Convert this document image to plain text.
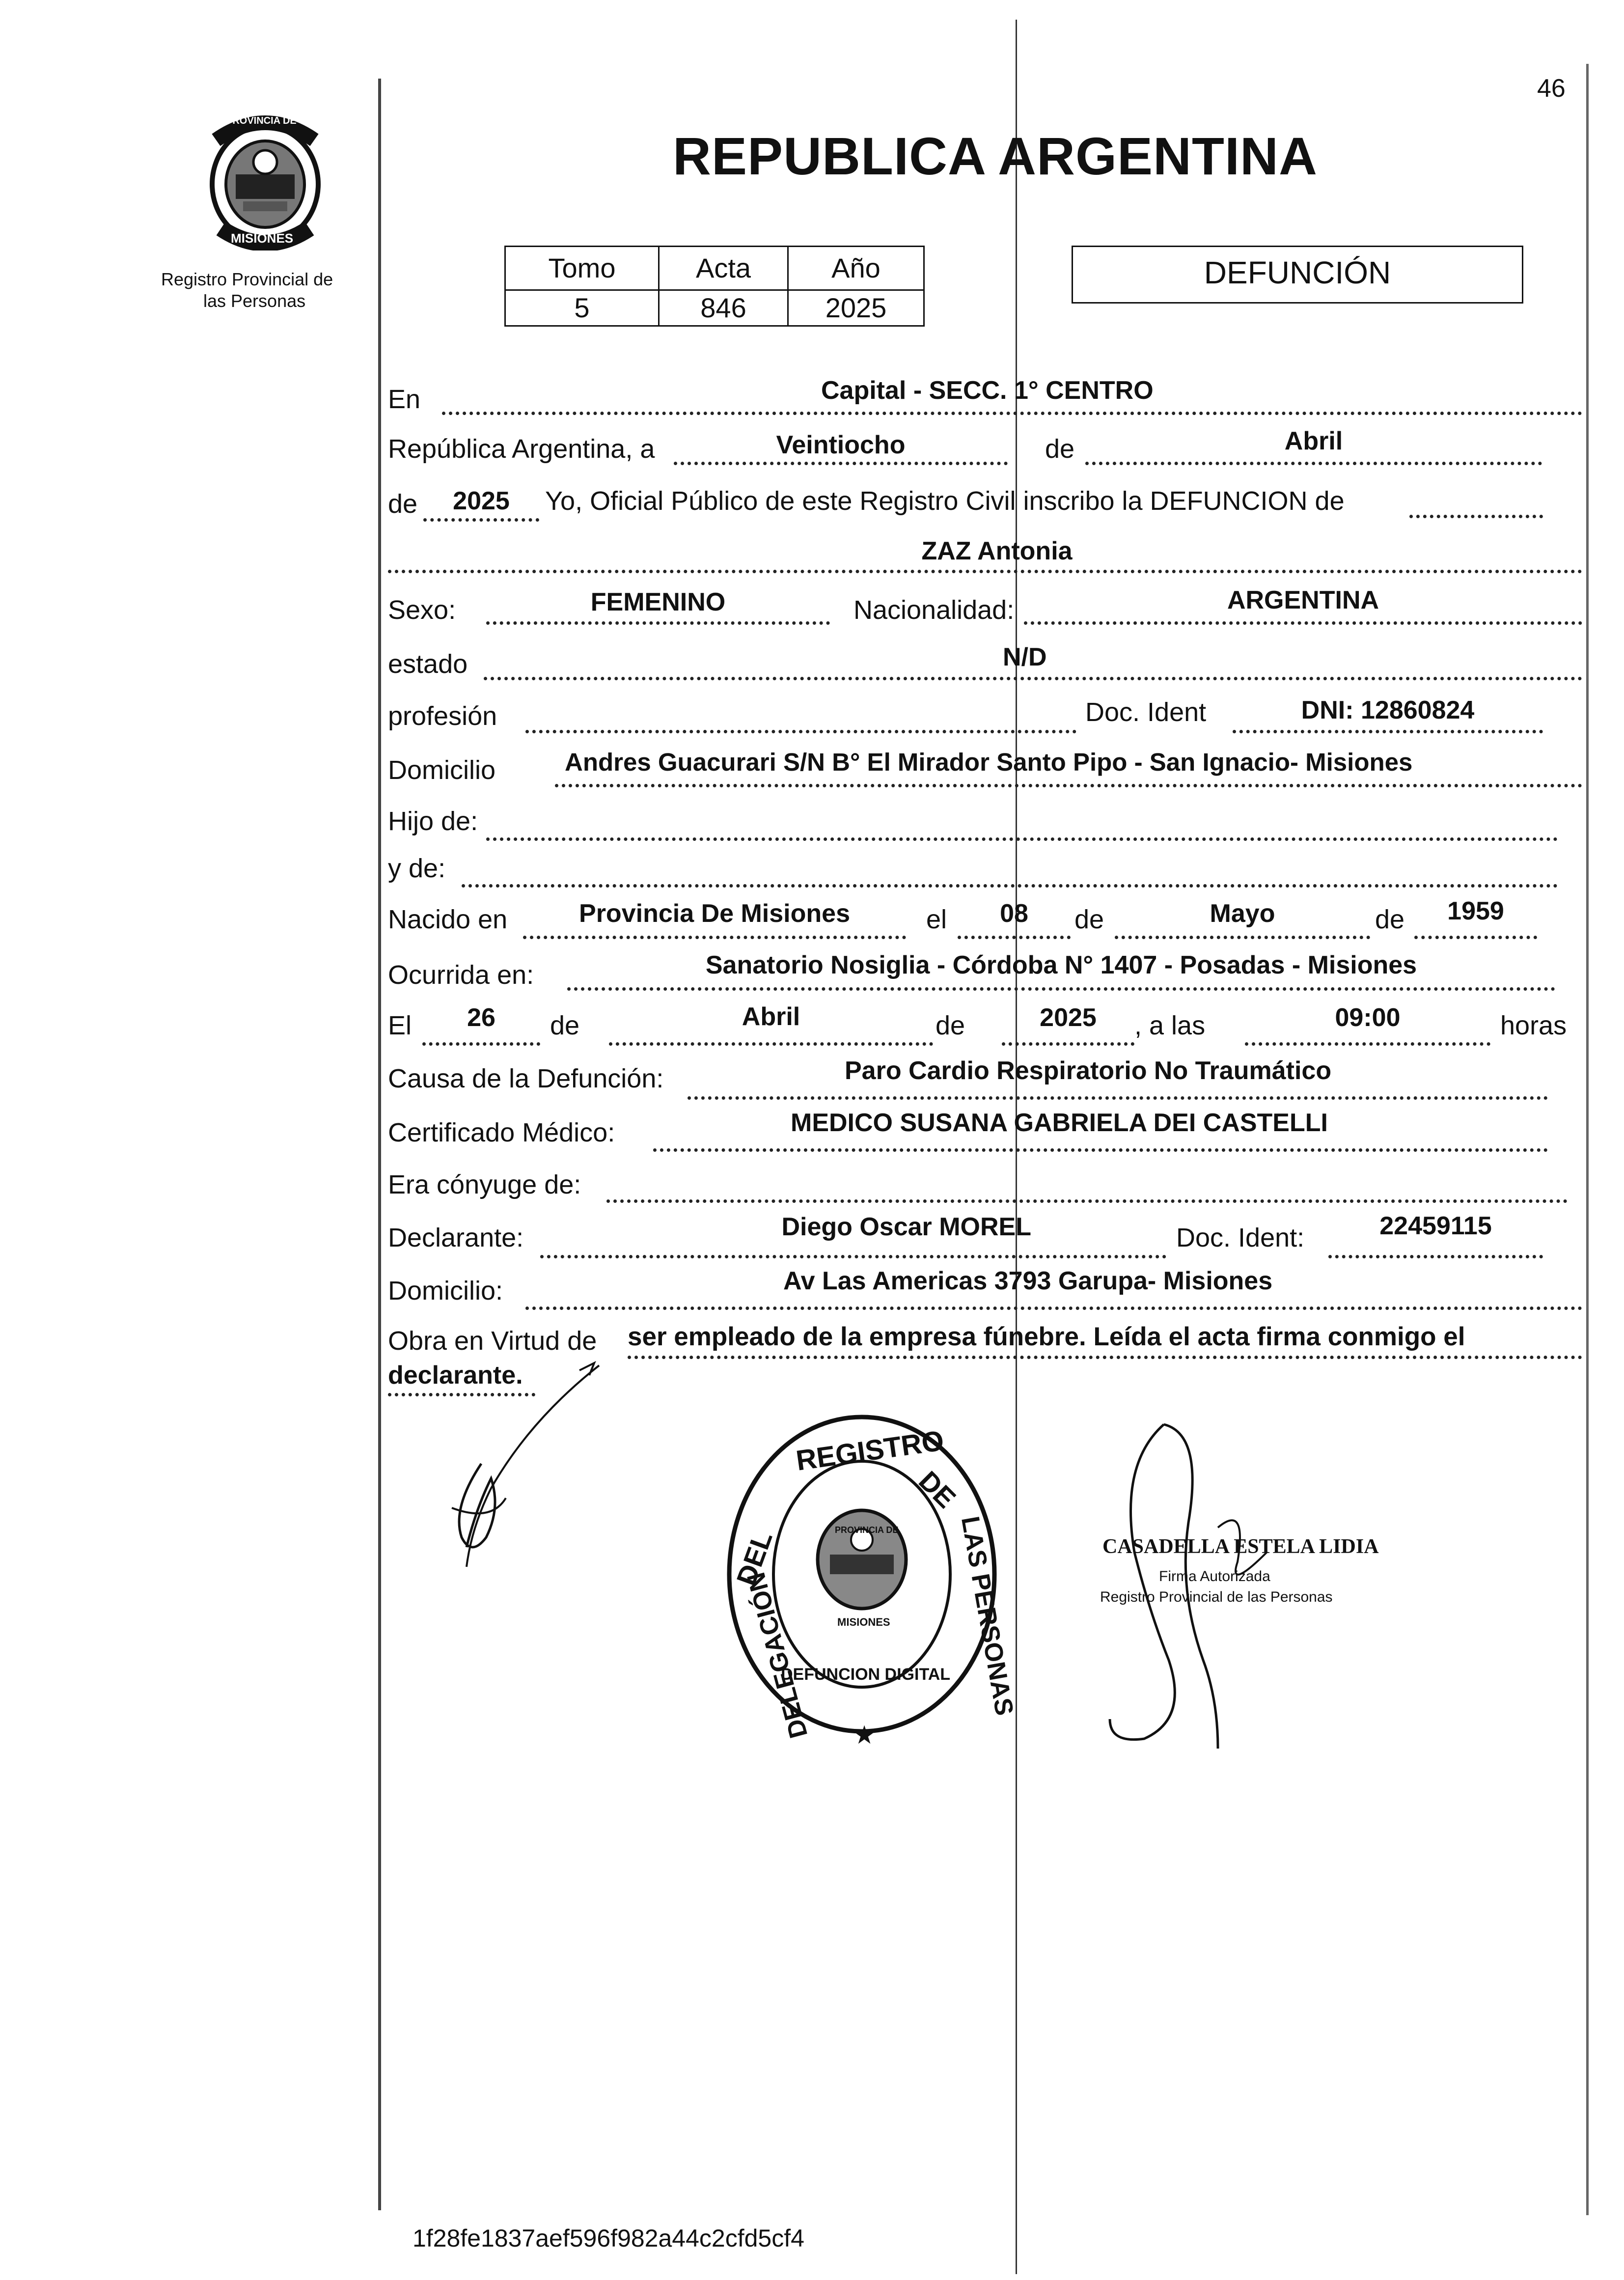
46
PROVINCIA DE
MISIONES
Registro Provincial de
las Personas
REPUBLICA ARGENTINA
Tomo	Acta	Año
5	846	2025
DEFUNCIÓN
En	Capital - SECC. 1° CENTRO
República Argentina, a	Veintiocho	de	Abril
de	2025	Yo, Oficial Público de este Registro Civil inscribo la DEFUNCION de
ZAZ Antonia
Sexo:	FEMENINO	Nacionalidad:	ARGENTINA
estado	N/D
profesión	Doc. Ident	DNI: 12860824
Domicilio	Andres Guacurari S/N B° El Mirador Santo Pipo - San Ignacio- Misiones
Hijo de:
y de:
Nacido en	Provincia De Misiones	el	08	de	Mayo	de	1959
Ocurrida en:	Sanatorio Nosiglia - Córdoba N° 1407 - Posadas - Misiones
El	26	de	Abril	de	2025	, a las	09:00	horas
Causa de la Defunción:	Paro Cardio Respiratorio No Traumático
Certificado Médico:	MEDICO SUSANA GABRIELA DEI CASTELLI
Era cónyuge de:
Declarante:	Diego Oscar MOREL	Doc. Ident:	22459115
Domicilio:	Av Las Americas 3793 Garupa- Misiones
Obra en Virtud de ser empleado de la empresa fúnebre. Leída el acta firma conmigo el
declarante.
★
REGISTRO
DEL
DE
LAS PERSONAS
DELEGACIÓN
DEFUNCION DIGITAL
PROVINCIA DE
MISIONES
CASADELLA ESTELA LIDIA
Firma Autorizada
Registro Provincial de las Personas
1f28fe1837aef596f982a44c2cfd5cf4
